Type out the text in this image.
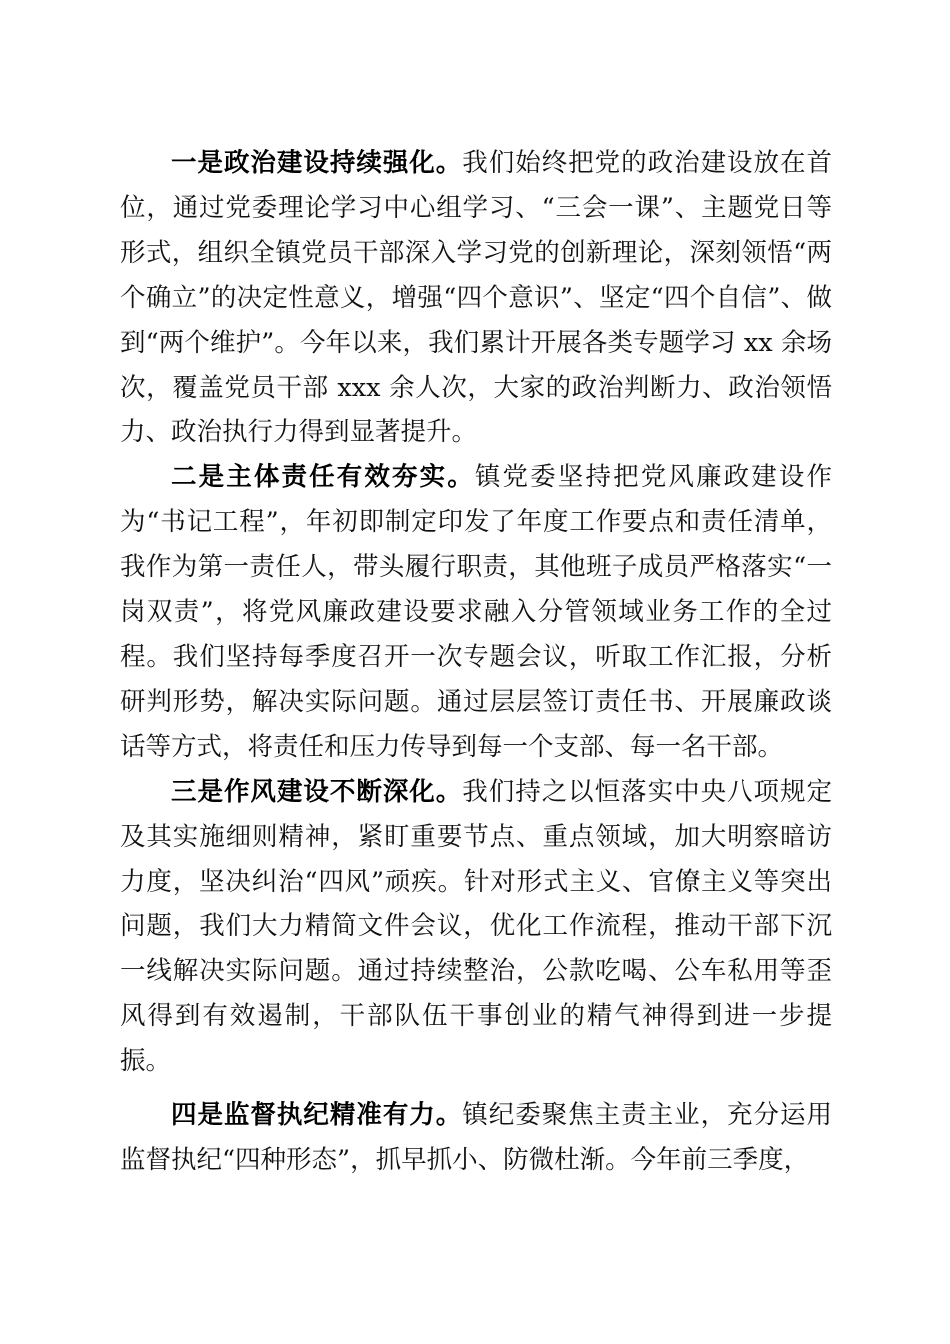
一是政治建设持续强化。我们始终把党的政治建设放在首位，通过党委理论学习中心组学习、“三会一课”、主题党日等形式，组织全镇党员干部深入学习党的创新理论，深刻领悟“两个确立”的决定性意义，增强“四个意识”、坚定“四个自信”、做到“两个维护”。今年以来，我们累计开展各类专题学习 xx 余场次，覆盖党员干部 xxx 余人次，大家的政治判断力、政治领悟力、政治执行力得到显著提升。

二是主体责任有效夯实。镇党委坚持把党风廉政建设作为“书记工程”，年初即制定印发了年度工作要点和责任清单，我作为第一责任人，带头履行职责，其他班子成员严格落实“一岗双责”，将党风廉政建设要求融入分管领域业务工作的全过程。我们坚持每季度召开一次专题会议，听取工作汇报，分析研判形势，解决实际问题。通过层层签订责任书、开展廉政谈话等方式，将责任和压力传导到每一个支部、每一名干部。

三是作风建设不断深化。我们持之以恒落实中央八项规定及其实施细则精神，紧盯重要节点、重点领域，加大明察暗访力度，坚决纠治“四风”顽疾。针对形式主义、官僚主义等突出问题，我们大力精简文件会议，优化工作流程，推动干部下沉一线解决实际问题。通过持续整治，公款吃喝、公车私用等歪风得到有效遏制，干部队伍干事创业的精气神得到进一步提振。

四是监督执纪精准有力。镇纪委聚焦主责主业，充分运用监督执纪“四种形态”，抓早抓小、防微杜渐。今年前三季度，
